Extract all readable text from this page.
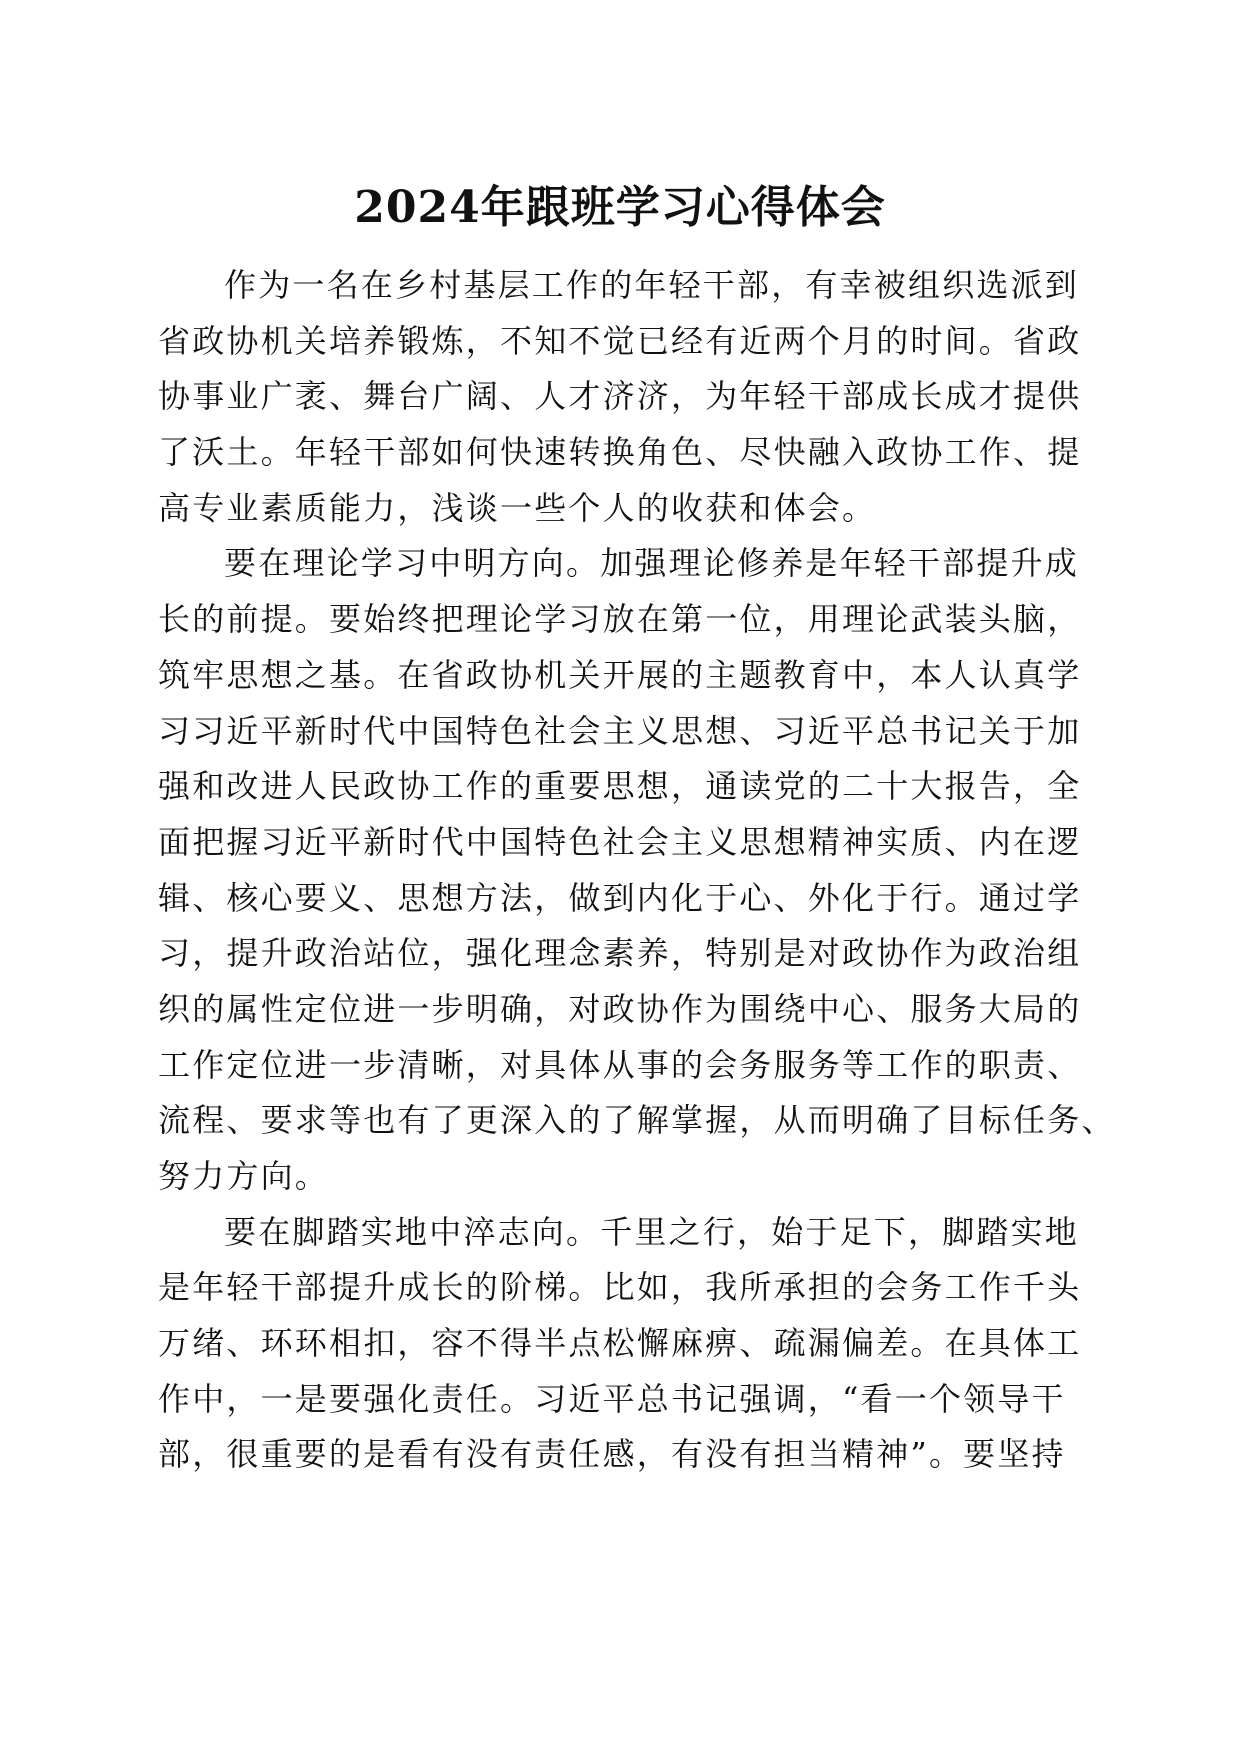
2024年跟班学习心得体会
作为一名在乡村基层工作的年轻干部，有幸被组织选派到
省政协机关培养锻炼，不知不觉已经有近两个月的时间。省政
协事业广袤、舞台广阔、人才济济，为年轻干部成长成才提供
了沃土。年轻干部如何快速转换角色、尽快融入政协工作、提
高专业素质能力，浅谈一些个人的收获和体会。
要在理论学习中明方向。加强理论修养是年轻干部提升成
长的前提。要始终把理论学习放在第一位，用理论武装头脑，
筑牢思想之基。在省政协机关开展的主题教育中，本人认真学
习习近平新时代中国特色社会主义思想、习近平总书记关于加
强和改进人民政协工作的重要思想，通读党的二十大报告，全
面把握习近平新时代中国特色社会主义思想精神实质、内在逻
辑、核心要义、思想方法，做到内化于心、外化于行。通过学
习，提升政治站位，强化理念素养，特别是对政协作为政治组
织的属性定位进一步明确，对政协作为围绕中心、服务大局的
工作定位进一步清晰，对具体从事的会务服务等工作的职责、
流程、要求等也有了更深入的了解掌握，从而明确了目标任务、
努力方向。
要在脚踏实地中淬志向。千里之行，始于足下，脚踏实地
是年轻干部提升成长的阶梯。比如，我所承担的会务工作千头
万绪、环环相扣，容不得半点松懈麻痹、疏漏偏差。在具体工
作中，一是要强化责任。习近平总书记强调，“看一个领导干
部，很重要的是看有没有责任感，有没有担当精神”。要坚持
